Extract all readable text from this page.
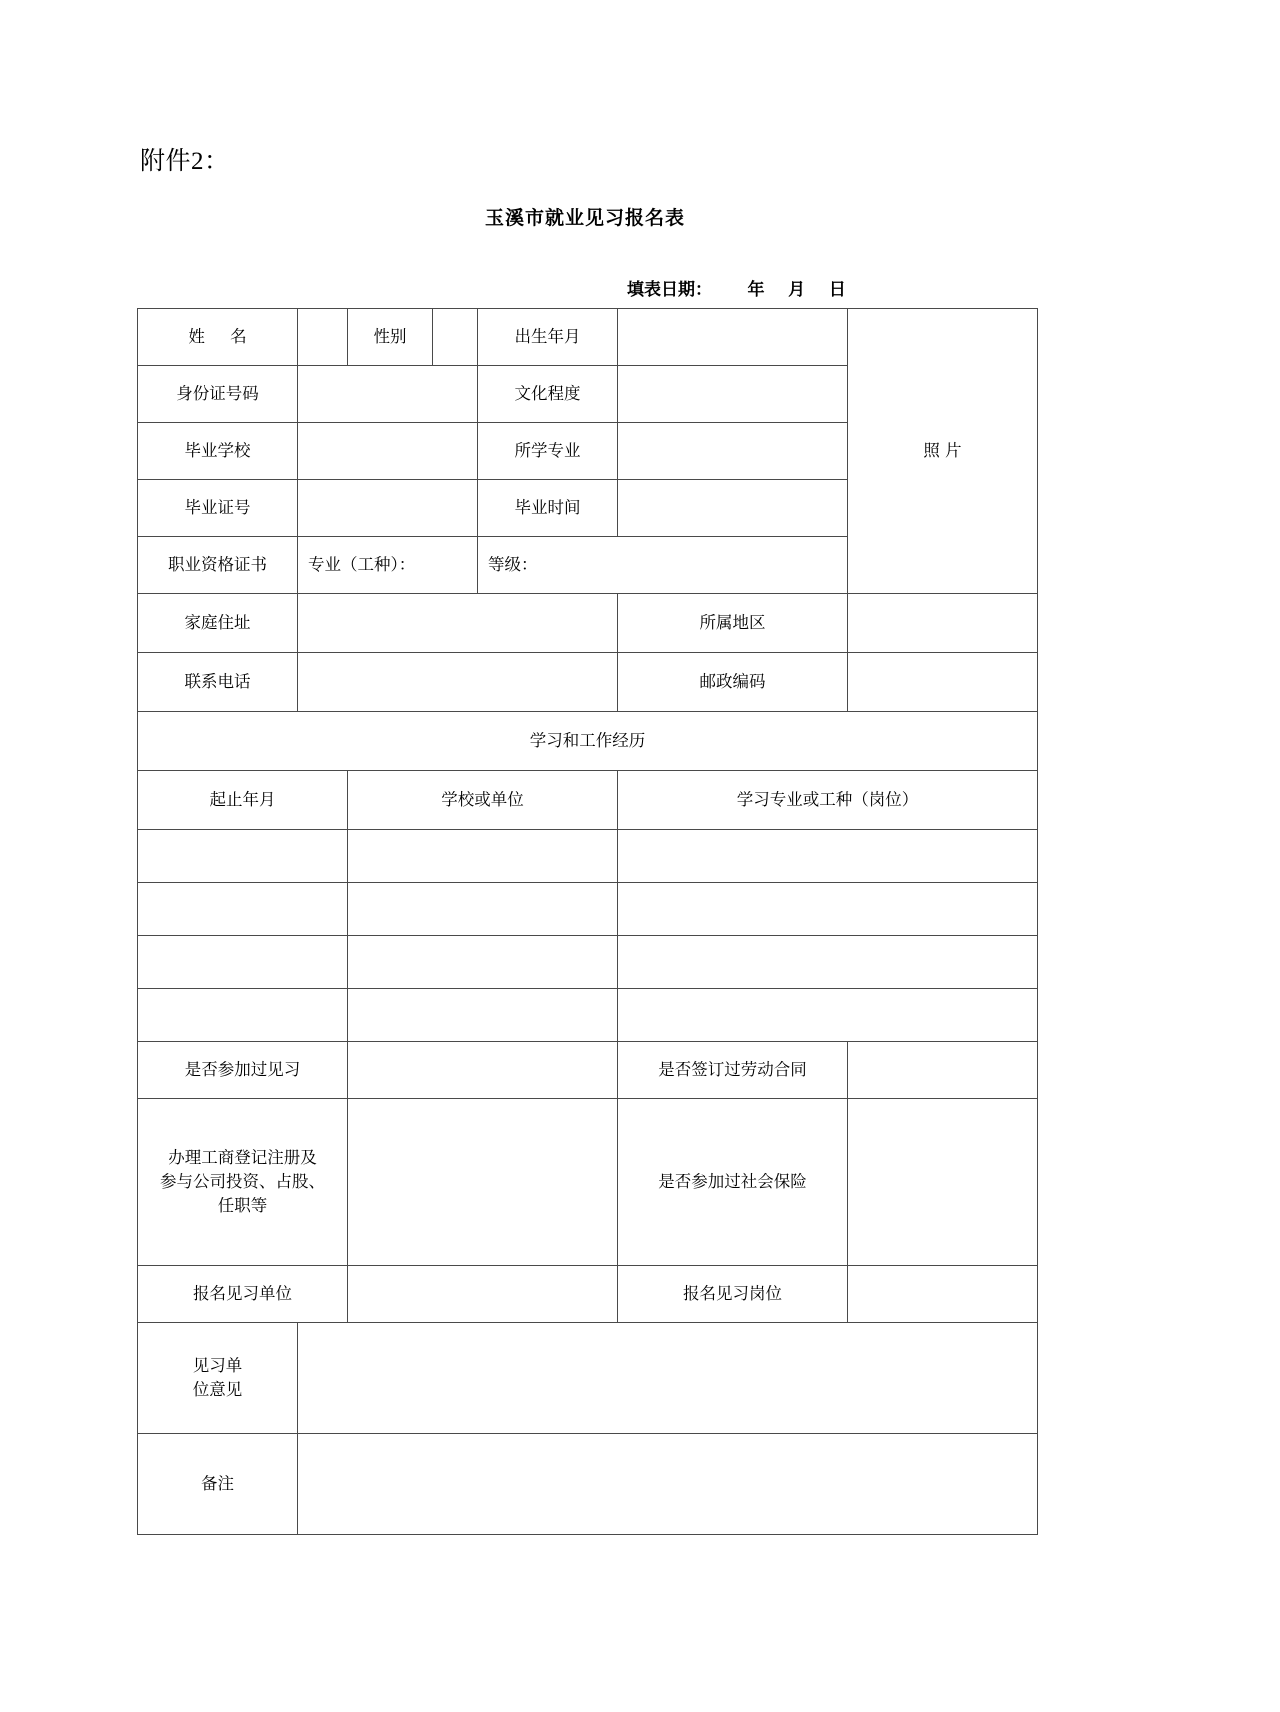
附件2：
玉溪市就业见习报名表
填表日期：      年    月    日
姓 名		性别		出生年月		照 片
身份证号码				文化程度		
毕业学校				所学专业		
毕业证号				毕业时间		
职业资格证书	专业（工种）：			等级：		
家庭住址					所属地区	
联系电话					邮政编码	
学习和工作经历						
起止年月		学校或单位			学习专业或工种（岗位）	

是否参加过见习					是否签订过劳动合同	

办理工商登记注册及
参与公司投资、占股、
任职等					是否参加过社会保险	
报名见习单位					报名见习岗位	

见习单
位意见						

备注						
